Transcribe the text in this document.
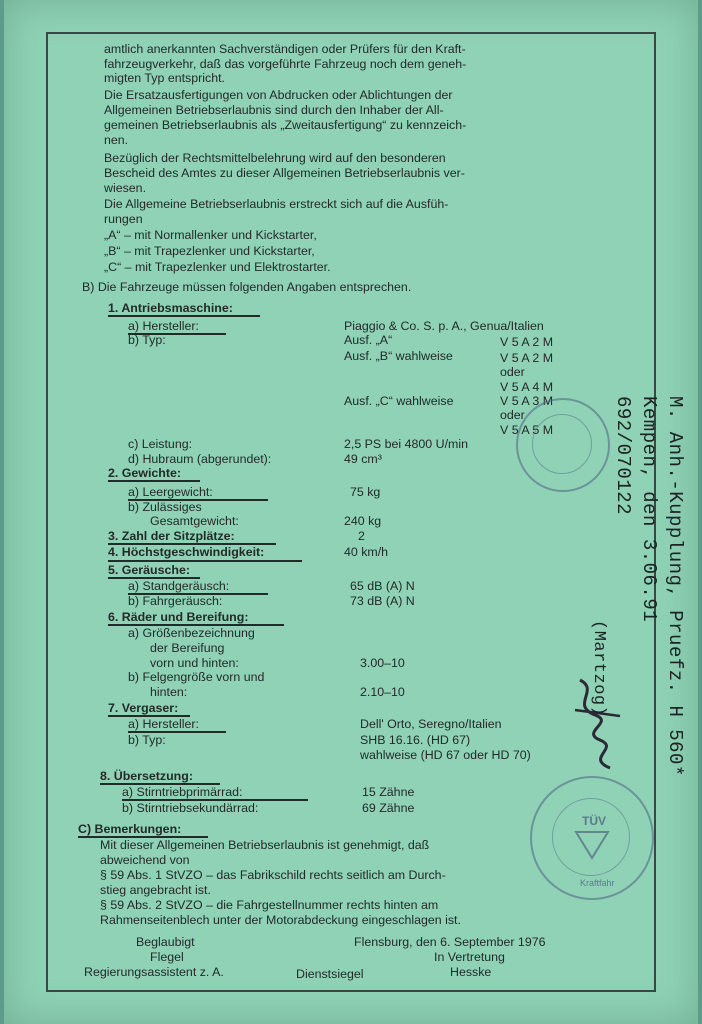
amtlich anerkannten Sachverständigen oder Prüfers für den Kraft-
fahrzeugverkehr, daß das vorgeführte Fahrzeug noch dem geneh-
migten Typ entspricht.
Die Ersatzausfertigungen von Abdrucken oder Ablichtungen der
Allgemeinen Betriebserlaubnis sind durch den Inhaber der All-
gemeinen Betriebserlaubnis als „Zweitausfertigung“ zu kennzeich-
nen.
Bezüglich der Rechtsmittelbelehrung wird auf den besonderen
Bescheid des Amtes zu dieser Allgemeinen Betriebserlaubnis ver-
wiesen.
Die Allgemeine Betriebserlaubnis erstreckt sich auf die Ausfüh-
rungen
„A“ – mit Normallenker und Kickstarter,
„B“ – mit Trapezlenker und Kickstarter,
„C“ – mit Trapezlenker und Elektrostarter.
B) Die Fahrzeuge müssen folgenden Angaben entsprechen.
1. Antriebsmaschine:
a) Hersteller:	Piaggio & Co. S. p. A., Genua/Italien
b) Typ:	Ausf. „A“	V 5 A 2 M
Ausf. „B“ wahlweise	V 5 A 2 M
oder
V 5 A 4 M
Ausf. „C“ wahlweise	V 5 A 3 M
oder
V 5 A 5 M
c) Leistung:	2,5 PS bei 4800 U/min
d) Hubraum (abgerundet):	49 cm³
2. Gewichte:
a) Leergewicht:	75 kg
b) Zulässiges
Gesamtgewicht:	240 kg
3. Zahl der Sitzplätze:	2
4. Höchstgeschwindigkeit:	40 km/h
5. Geräusche:
a) Standgeräusch:	65 dB (A) N
b) Fahrgeräusch:	73 dB (A) N
6. Räder und Bereifung:
a) Größenbezeichnung
der Bereifung
vorn und hinten:	3.00–10
b) Felgengröße vorn und
hinten:	2.10–10
7. Vergaser:
a) Hersteller:	Dell' Orto, Seregno/Italien
b) Typ:	SHB 16.16. (HD 67)
wahlweise (HD 67 oder HD 70)
8. Übersetzung:
a) Stirntriebprimärrad:	15 Zähne
b) Stirntriebsekundärrad:	69 Zähne
C) Bemerkungen:
Mit dieser Allgemeinen Betriebserlaubnis ist genehmigt, daß
abweichend von
§ 59 Abs. 1 StVZO – das Fabrikschild rechts seitlich am Durch-
stieg angebracht ist.
§ 59 Abs. 2 StVZO – die Fahrgestellnummer rechts hinten am
Rahmenseitenblech unter der Motorabdeckung eingeschlagen ist.
Beglaubigt
Flegel
Regierungsassistent z. A.	Dienstsiegel
Flensburg, den 6. September 1976
In Vertretung
Hesske
TÜV
Kraftfahr
M. Anh.-Kupplung, Pruefz. H 560*
Kempen, den 3.06.91
692/070122
(Martzog)
